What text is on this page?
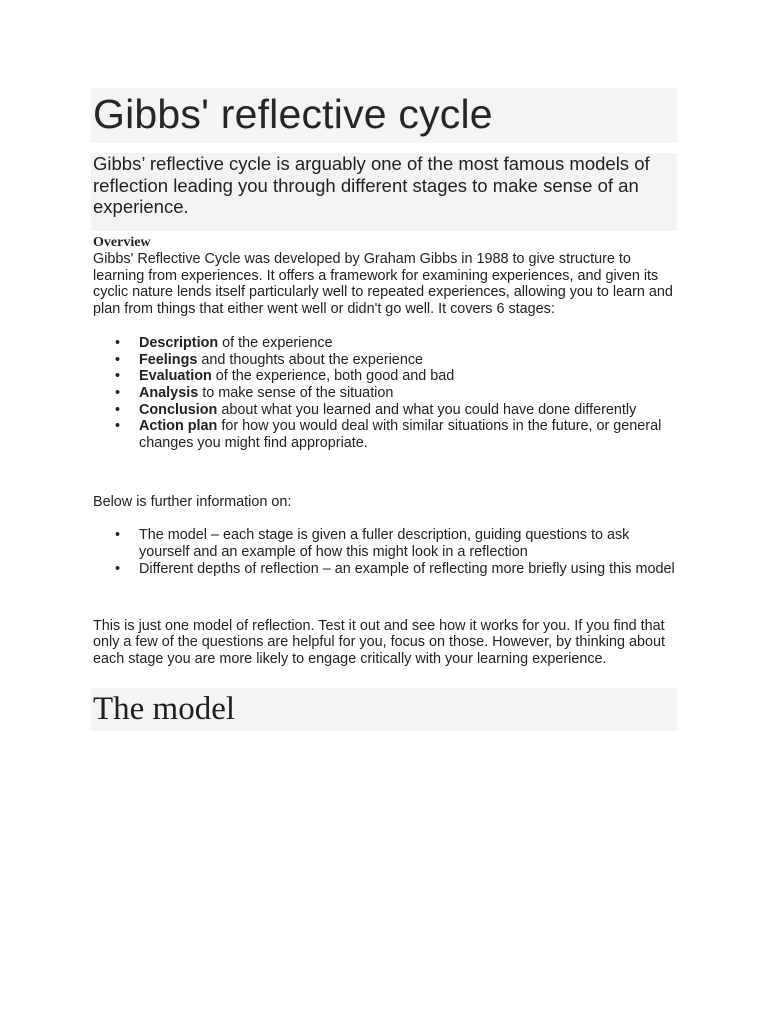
Gibbs' reflective cycle

Gibbs’ reflective cycle is arguably one of the most famous models of reflection leading you through different stages to make sense of an experience.

Overview

Gibbs' Reflective Cycle was developed by Graham Gibbs in 1988 to give structure to learning from experiences. It offers a framework for examining experiences, and given its cyclic nature lends itself particularly well to repeated experiences, allowing you to learn and plan from things that either went well or didn't go well. It covers 6 stages:

• Description of the experience
• Feelings and thoughts about the experience
• Evaluation of the experience, both good and bad
• Analysis to make sense of the situation
• Conclusion about what you learned and what you could have done differently
• Action plan for how you would deal with similar situations in the future, or general changes you might find appropriate.

Below is further information on:

• The model – each stage is given a fuller description, guiding questions to ask yourself and an example of how this might look in a reflection
• Different depths of reflection – an example of reflecting more briefly using this model

This is just one model of reflection. Test it out and see how it works for you. If you find that only a few of the questions are helpful for you, focus on those. However, by thinking about each stage you are more likely to engage critically with your learning experience.

The model
